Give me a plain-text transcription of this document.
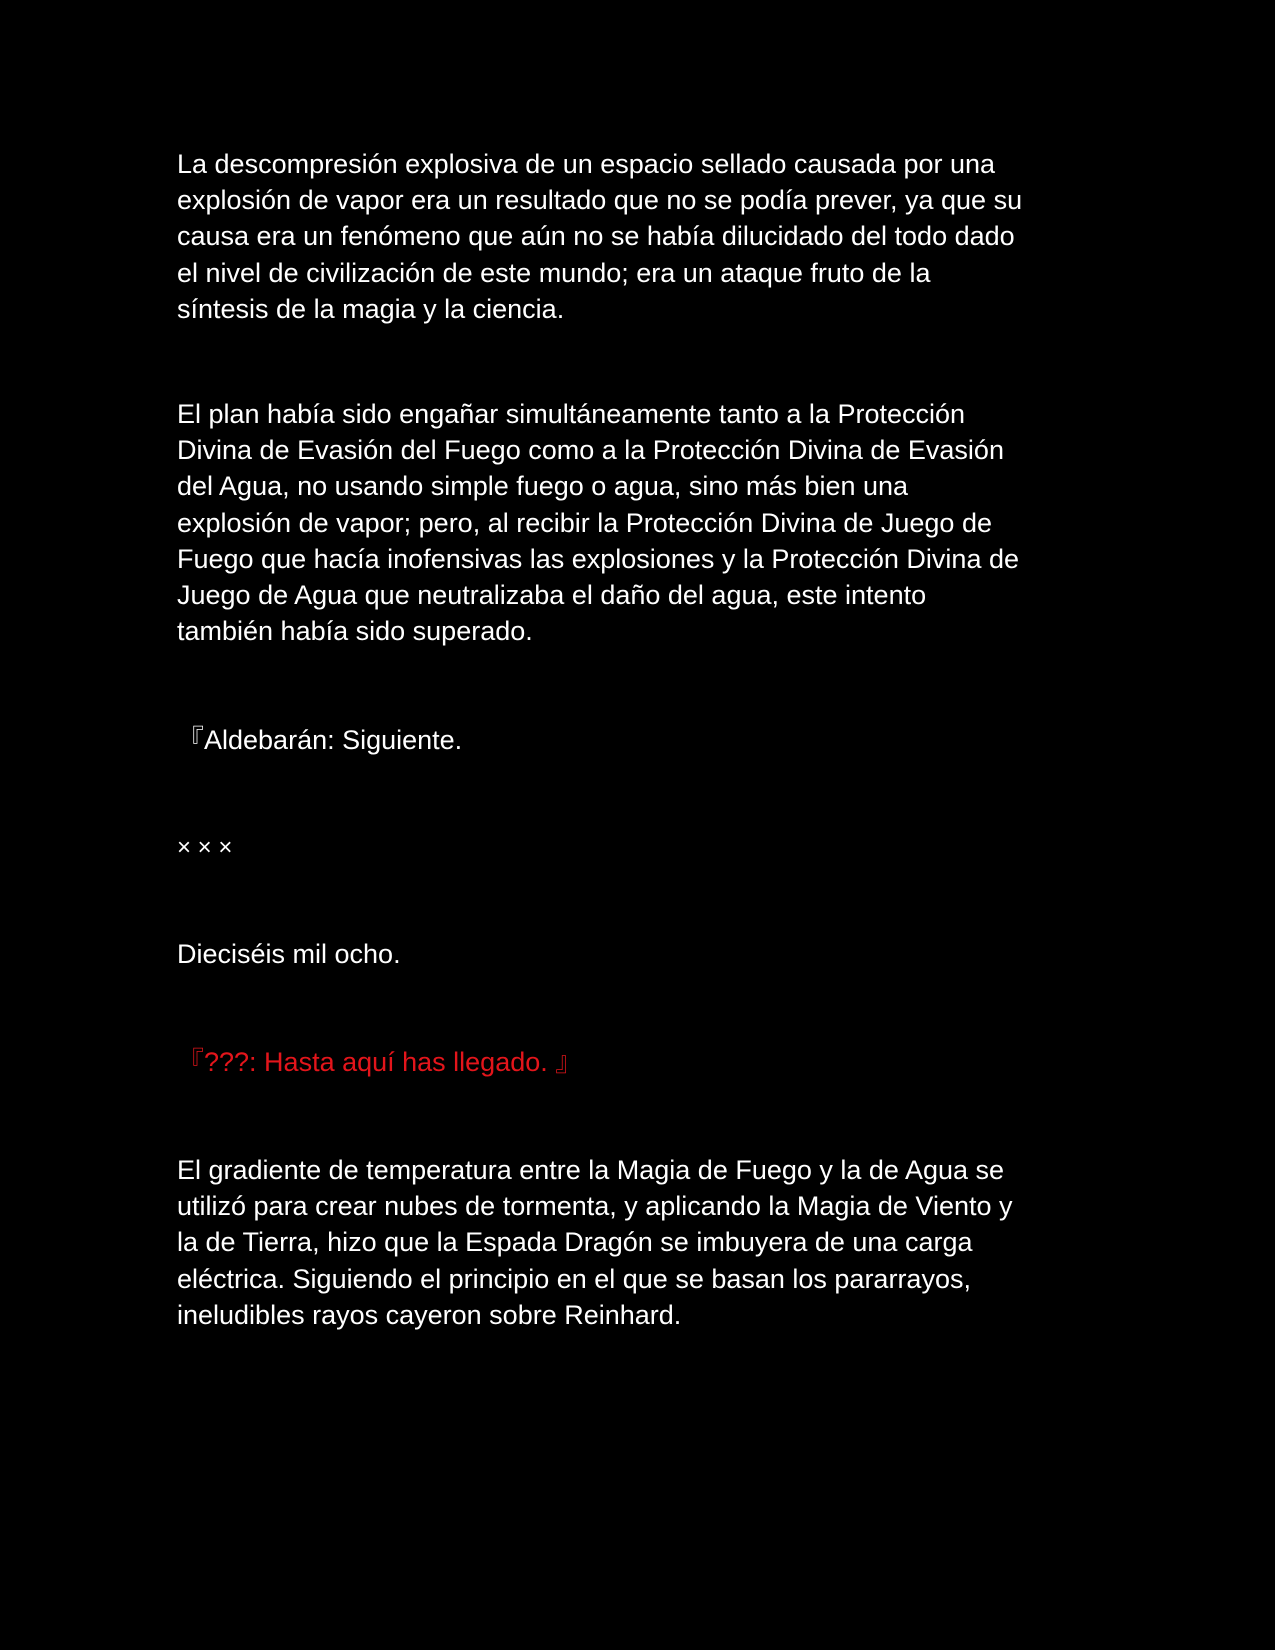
La descompresión explosiva de un espacio sellado causada por una
explosión de vapor era un resultado que no se podía prever, ya que su
causa era un fenómeno que aún no se había dilucidado del todo dado
el nivel de civilización de este mundo; era un ataque fruto de la
síntesis de la magia y la ciencia.

El plan había sido engañar simultáneamente tanto a la Protección
Divina de Evasión del Fuego como a la Protección Divina de Evasión
del Agua, no usando simple fuego o agua, sino más bien una
explosión de vapor; pero, al recibir la Protección Divina de Juego de
Fuego que hacía inofensivas las explosiones y la Protección Divina de
Juego de Agua que neutralizaba el daño del agua, este intento
también había sido superado.

『Aldebarán: Siguiente.

× × ×

Dieciséis mil ocho.

『???: Hasta aquí has llegado. 』

El gradiente de temperatura entre la Magia de Fuego y la de Agua se
utilizó para crear nubes de tormenta, y aplicando la Magia de Viento y
la de Tierra, hizo que la Espada Dragón se imbuyera de una carga
eléctrica. Siguiendo el principio en el que se basan los pararrayos,
ineludibles rayos cayeron sobre Reinhard.
